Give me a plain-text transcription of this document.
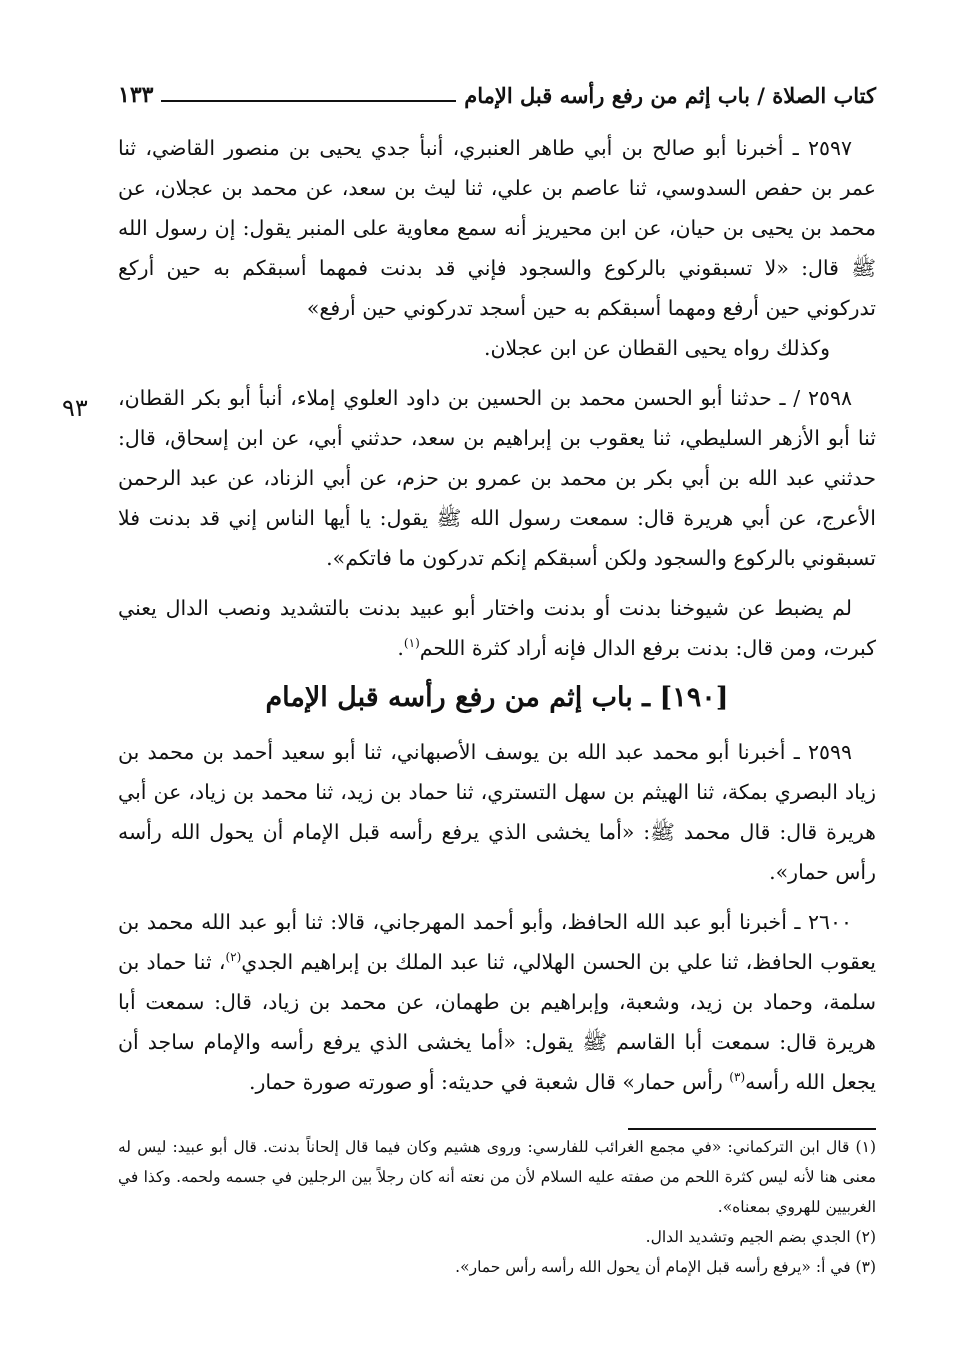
كتاب الصلاة / باب إثم من رفع رأسه قبل الإمام
١٣٣
٩٣

٢٥٩٧ ـ أخبرنا أبو صالح بن أبي طاهر العنبري، أنبأ جدي يحيى بن منصور القاضي، ثنا عمر بن حفص السدوسي، ثنا عاصم بن علي، ثنا ليث بن سعد، عن محمد بن عجلان، عن محمد بن يحيى بن حيان، عن ابن محيريز أنه سمع معاوية على المنبر يقول: إن رسول الله ﷺ قال: «لا تسبقوني بالركوع والسجود فإني قد بدنت فمهما أسبقكم به حين أركع تدركوني حين أرفع ومهما أسبقكم به حين أسجد تدركوني حين أرفع»

وكذلك رواه يحيى القطان عن ابن عجلان.

٢٥٩٨ / ـ حدثنا أبو الحسن محمد بن الحسين بن داود العلوي إملاء، أنبأ أبو بكر القطان، ثنا أبو الأزهر السليطي، ثنا يعقوب بن إبراهيم بن سعد، حدثني أبي، عن ابن إسحاق، قال: حدثني عبد الله بن أبي بكر بن محمد بن عمرو بن حزم، عن أبي الزناد، عن عبد الرحمن الأعرج، عن أبي هريرة قال: سمعت رسول الله ﷺ يقول: يا أيها الناس إني قد بدنت فلا تسبقوني بالركوع والسجود ولكن أسبقكم إنكم تدركون ما فاتكم».

لم يضبط عن شيوخنا بدنت أو بدنت واختار أبو عبيد بدنت بالتشديد ونصب الدال يعني كبرت، ومن قال: بدنت برفع الدال فإنه أراد كثرة اللحم$^{(١)}$.

[١٩٠] ـ باب إثم من رفع رأسه قبل الإمام

٢٥٩٩ ـ أخبرنا أبو محمد عبد الله بن يوسف الأصبهاني، ثنا أبو سعيد أحمد بن محمد بن زياد البصري بمكة، ثنا الهيثم بن سهل التستري، ثنا حماد بن زيد، ثنا محمد بن زياد، عن أبي هريرة قال: قال محمد ﷺ: «أما يخشى الذي يرفع رأسه قبل الإمام أن يحول الله رأسه رأس حمار».

٢٦٠٠ ـ أخبرنا أبو عبد الله الحافظ، وأبو أحمد المهرجاني، قالا: ثنا أبو عبد الله محمد بن يعقوب الحافظ، ثنا علي بن الحسن الهلالي، ثنا عبد الملك بن إبراهيم الجدي$^{(٢)}$، ثنا حماد بن سلمة، وحماد بن زيد، وشعبة، وإبراهيم بن طهمان، عن محمد بن زياد، قال: سمعت أبا هريرة قال: سمعت أبا القاسم ﷺ يقول: «أما يخشى الذي يرفع رأسه والإمام ساجد أن يجعل الله رأسه$^{(٣)}$ رأس حمار» قال شعبة في حديثه: أو صورته صورة حمار.

(١) قال ابن التركماني: «في مجمع الغرائب للفارسي: وروى هشيم وكان فيما قال إلحاناً بدنت. قال أبو عبيد: ليس له معنى هنا لأنه ليس كثرة اللحم من صفته عليه السلام لأن من نعته أنه كان رجلاً بين الرجلين في جسمه ولحمه. وكذا في الغربيين للهروي بمعناه».

(٢) الجدي بضم الجيم وتشديد الدال.

(٣) في أ: «يرفع رأسه قبل الإمام أن يحول الله رأسه رأس حمار».
